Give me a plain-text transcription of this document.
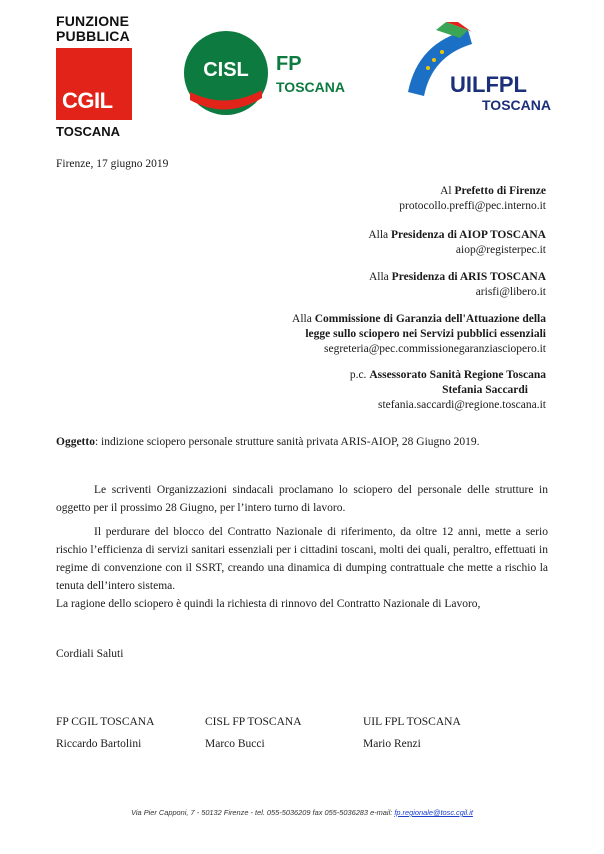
FUNZIONE
PUBBLICA
CGIL
TOSCANA
CISL FP
TOSCANA	UILFPL
TOSCANA
Firenze, 17 giugno 2019
Al Prefetto di Firenze
protocollo.preffi@pec.interno.it
Alla Presidenza di AIOP TOSCANA
aiop@registerpec.it
Alla Presidenza di ARIS TOSCANA
arisfi@libero.it
Alla Commissione di Garanzia dell'Attuazione della
legge sullo sciopero nei Servizi pubblici essenziali
segreteria@pec.commissionegaranziasciopero.it
p.c. Assessorato Sanità Regione Toscana
Stefania Saccardi
stefania.saccardi@regione.toscana.it
Oggetto: indizione sciopero personale strutture sanità privata ARIS-AIOP, 28 Giugno 2019.

Le scriventi Organizzazioni sindacali proclamano lo sciopero del personale delle strutture in oggetto per il prossimo 28 Giugno, per l’intero turno di lavoro.

Il perdurare del blocco del Contratto Nazionale di riferimento, da oltre 12 anni, mette a serio rischio l’efficienza di servizi sanitari essenziali per i cittadini toscani, molti dei quali, peraltro, effettuati in regime di convenzione con il SSRT, creando una dinamica di dumping contrattuale che mette a rischio la tenuta dell’intero sistema.

La ragione dello sciopero è quindi la richiesta di rinnovo del Contratto Nazionale di Lavoro,

Cordiali Saluti
FP CGIL TOSCANA
Riccardo Bartolini
CISL FP TOSCANA
Marco Bucci
UIL FPL TOSCANA
Mario Renzi
Via Pier Capponi, 7 - 50132 Firenze - tel. 055-5036209 fax 055-5036283 e-mail: fp.regionale@tosc.cgil.it
